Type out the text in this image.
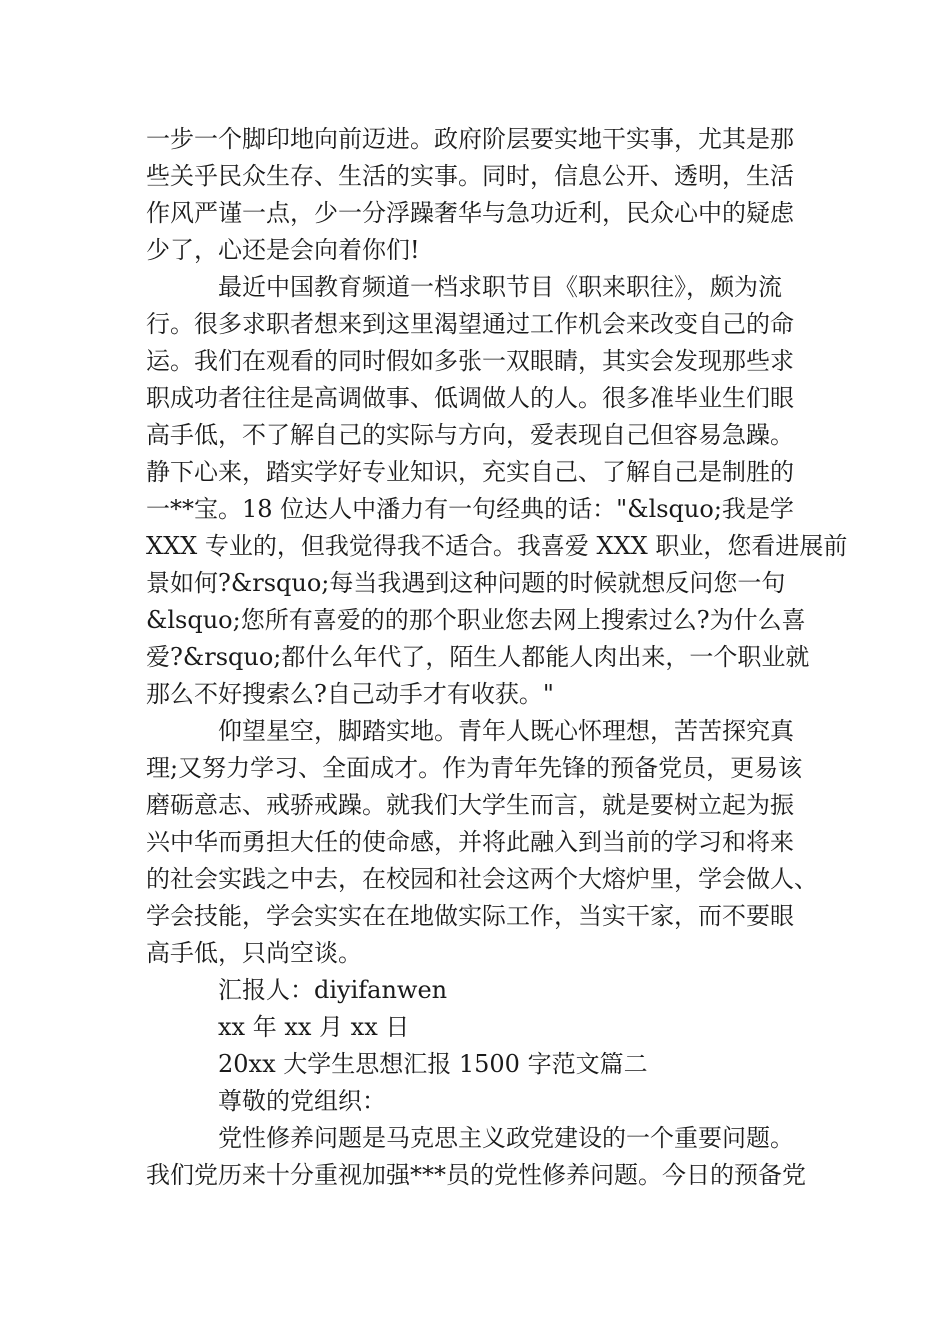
一步一个脚印地向前迈进。政府阶层要实地干实事，尤其是那
些关乎民众生存、生活的实事。同时，信息公开、透明，生活
作风严谨一点，少一分浮躁奢华与急功近利，民众心中的疑虑
少了，心还是会向着你们!
最近中国教育频道一档求职节目《职来职往》，颇为流
行。很多求职者想来到这里渴望通过工作机会来改变自己的命
运。我们在观看的同时假如多张一双眼睛，其实会发现那些求
职成功者往往是高调做事、低调做人的人。很多准毕业生们眼
高手低，不了解自己的实际与方向，爱表现自己但容易急躁。
静下心来，踏实学好专业知识，充实自己、了解自己是制胜的
一**宝。18 位达人中潘力有一句经典的话："&lsquo;我是学
XXX 专业的，但我觉得我不适合。我喜爱 XXX 职业，您看进展前
景如何?&rsquo;每当我遇到这种问题的时候就想反问您一句
&lsquo;您所有喜爱的的那个职业您去网上搜索过么?为什么喜
爱?&rsquo;都什么年代了，陌生人都能人肉出来，一个职业就
那么不好搜索么?自己动手才有收获。"
仰望星空，脚踏实地。青年人既心怀理想，苦苦探究真
理;又努力学习、全面成才。作为青年先锋的预备党员，更易该
磨砺意志、戒骄戒躁。就我们大学生而言，就是要树立起为振
兴中华而勇担大任的使命感，并将此融入到当前的学习和将来
的社会实践之中去，在校园和社会这两个大熔炉里，学会做人、
学会技能，学会实实在在地做实际工作，当实干家，而不要眼
高手低，只尚空谈。
汇报人：diyifanwen
xx 年 xx 月 xx 日
20xx 大学生思想汇报 1500 字范文篇二
尊敬的党组织：
党性修养问题是马克思主义政党建设的一个重要问题。
我们党历来十分重视加强***员的党性修养问题。今日的预备党
